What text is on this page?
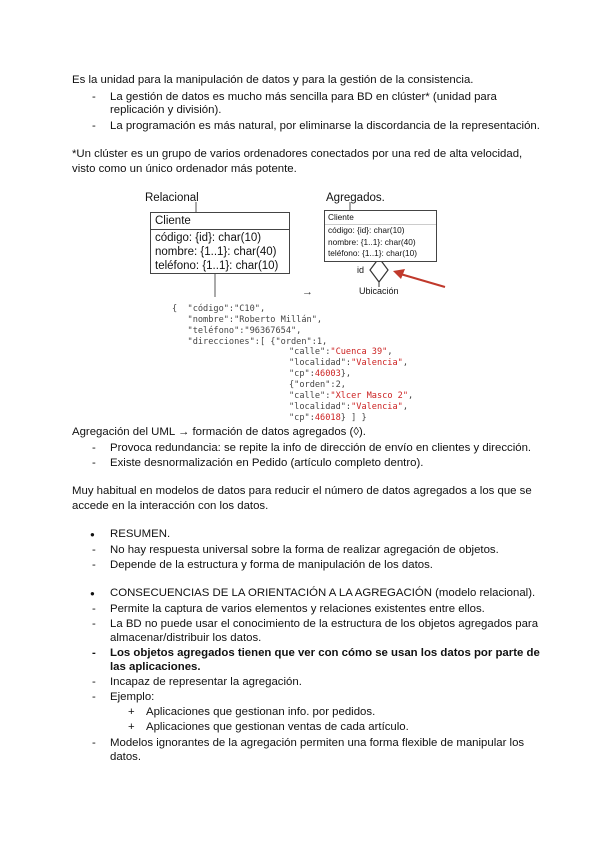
Es la unidad para la manipulación de datos y para la gestión de la consistencia.
- La gestión de datos es mucho más sencilla para BD en clúster* (unidad para
replicación y división).
- La programación es más natural, por eliminarse la discordancia de la representación.
*Un clúster es un grupo de varios ordenadores conectados por una red de alta velocidad,
visto como un único ordenador más potente.
Relacional	Agregados.
Cliente
código: {id}: char(10)
nombre: {1..1}: char(40)
teléfono: {1..1}: char(10)
Cliente
código: {id}: char(10)
nombre: {1..1}: char(40)
teléfono: {1..1}: char(10)
id
Ubicación
→
{  "código":"C10",
"nombre":"Roberto Millán",
"teléfono":"96367654",
"direcciones":[ {"orden":1,
"calle":"Cuenca 39",
"localidad":"Valencia",
"cp":46003},
{"orden":2,
"calle":"Xlcer Masco 2",
"localidad":"Valencia",
"cp":46018} ] }
Agregación del UML → formación de datos agregados (◊).
- Provoca redundancia: se repite la info de dirección de envío en clientes y dirección.
- Existe desnormalización en Pedido (artículo completo dentro).
Muy habitual en modelos de datos para reducir el número de datos agregados a los que se
accede en la interacción con los datos.
● RESUMEN.
- No hay respuesta universal sobre la forma de realizar agregación de objetos.
- Depende de la estructura y forma de manipulación de los datos.
● CONSECUENCIAS DE LA ORIENTACIÓN A LA AGREGACIÓN (modelo relacional).
- Permite la captura de varios elementos y relaciones existentes entre ellos.
- La BD no puede usar el conocimiento de la estructura de los objetos agregados para
almacenar/distribuir los datos.
- Los objetos agregados tienen que ver con cómo se usan los datos por parte de
las aplicaciones.
- Incapaz de representar la agregación.
- Ejemplo:
+ Aplicaciones que gestionan info. por pedidos.
+ Aplicaciones que gestionan ventas de cada artículo.
- Modelos ignorantes de la agregación permiten una forma flexible de manipular los
datos.
